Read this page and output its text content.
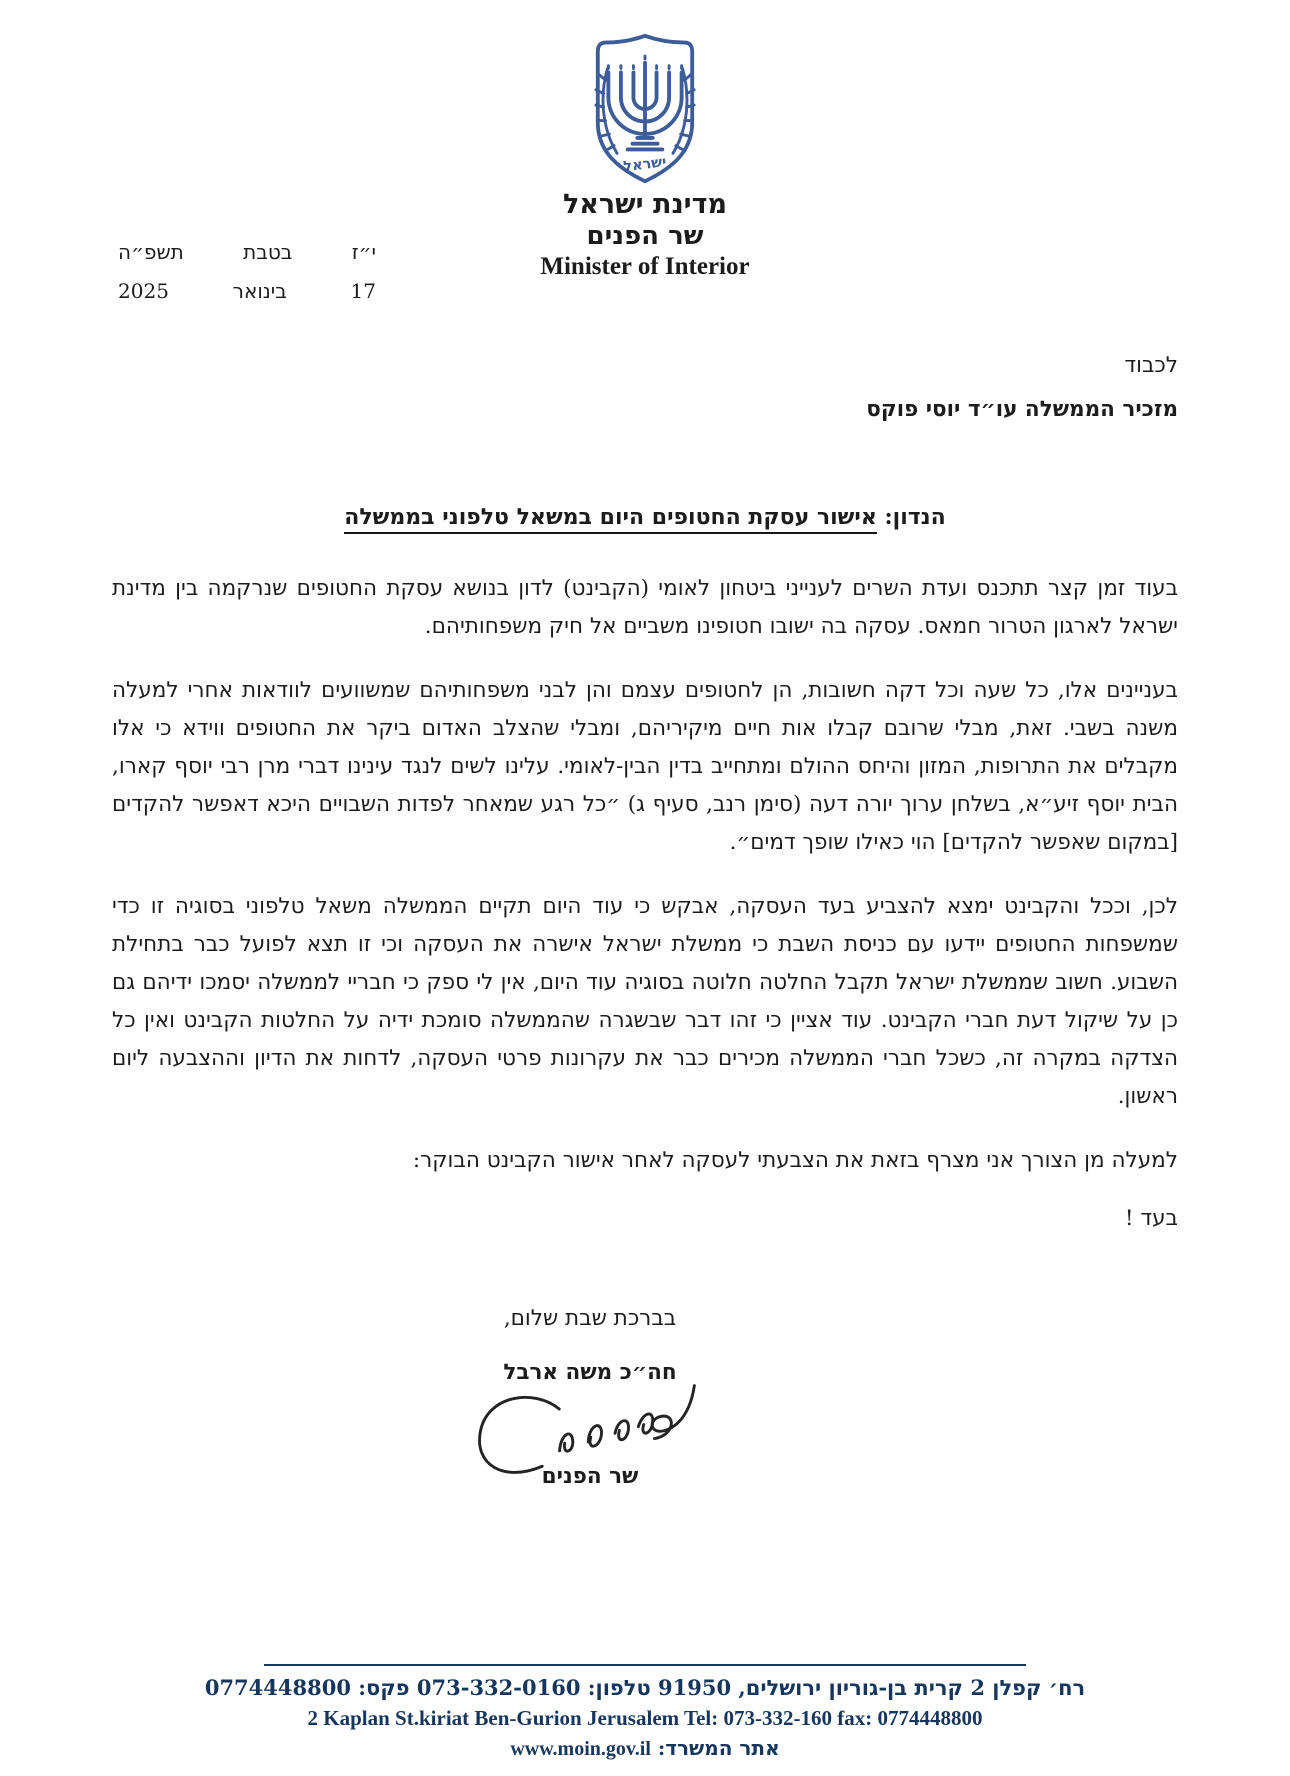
ישראל
מדינת ישראל
שר הפנים
Minister of Interior
י״ז
בטבת
תשפ״ה
17
בינואר
2025
לכבוד
מזכיר הממשלה עו״ד יוסי פוקס
הנדון: אישור עסקת החטופים היום במשאל טלפוני בממשלה

בעוד זמן קצר תתכנס ועדת השרים לענייני ביטחון לאומי (הקבינט) לדון בנושא עסקת החטופים שנרקמה בין מדינת ישראל לארגון הטרור חמאס. עסקה בה ישובו חטופינו משביים אל חיק משפחותיהם.

בעניינים אלו, כל שעה וכל דקה חשובות, הן לחטופים עצמם והן לבני משפחותיהם שמשוועים לוודאות אחרי למעלה משנה בשבי. זאת, מבלי שרובם קבלו אות חיים מיקיריהם, ומבלי שהצלב האדום ביקר את החטופים ווידא כי אלו מקבלים את התרופות, המזון והיחס ההולם ומתחייב בדין הבין-לאומי. עלינו לשים לנגד עינינו דברי מרן רבי יוסף קארו, הבית יוסף זיע״א, בשלחן ערוך יורה דעה (סימן רנב, סעיף ג) ״כל רגע שמאחר לפדות השבויים היכא דאפשר להקדים [במקום שאפשר להקדים] הוי כאילו שופך דמים״.

לכן, וככל והקבינט ימצא להצביע בעד העסקה, אבקש כי עוד היום תקיים הממשלה משאל טלפוני בסוגיה זו כדי שמשפחות החטופים יידעו עם כניסת השבת כי ממשלת ישראל אישרה את העסקה וכי זו תצא לפועל כבר בתחילת השבוע. חשוב שממשלת ישראל תקבל החלטה חלוטה בסוגיה עוד היום, אין לי ספק כי חבריי לממשלה יסמכו ידיהם גם כן על שיקול דעת חברי הקבינט. עוד אציין כי זהו דבר שבשגרה שהממשלה סומכת ידיה על החלטות הקבינט ואין כל הצדקה במקרה זה, כשכל חברי הממשלה מכירים כבר את עקרונות פרטי העסקה, לדחות את הדיון וההצבעה ליום ראשון.

למעלה מן הצורך אני מצרף בזאת את הצבעתי לעסקה לאחר אישור הקבינט הבוקר:

בעד !

בברכת שבת שלום,
חה״כ משה ארבל
שר הפנים
רח׳ קפלן 2 קרית בן-גוריון ירושלים, 91950 טלפון: 073-332-0160 פקס: 0774448800
2 Kaplan St.kiriat Ben-Gurion Jerusalem Tel: 073-332-160 fax: 0774448800
אתר המשרד: www.moin.gov.il
